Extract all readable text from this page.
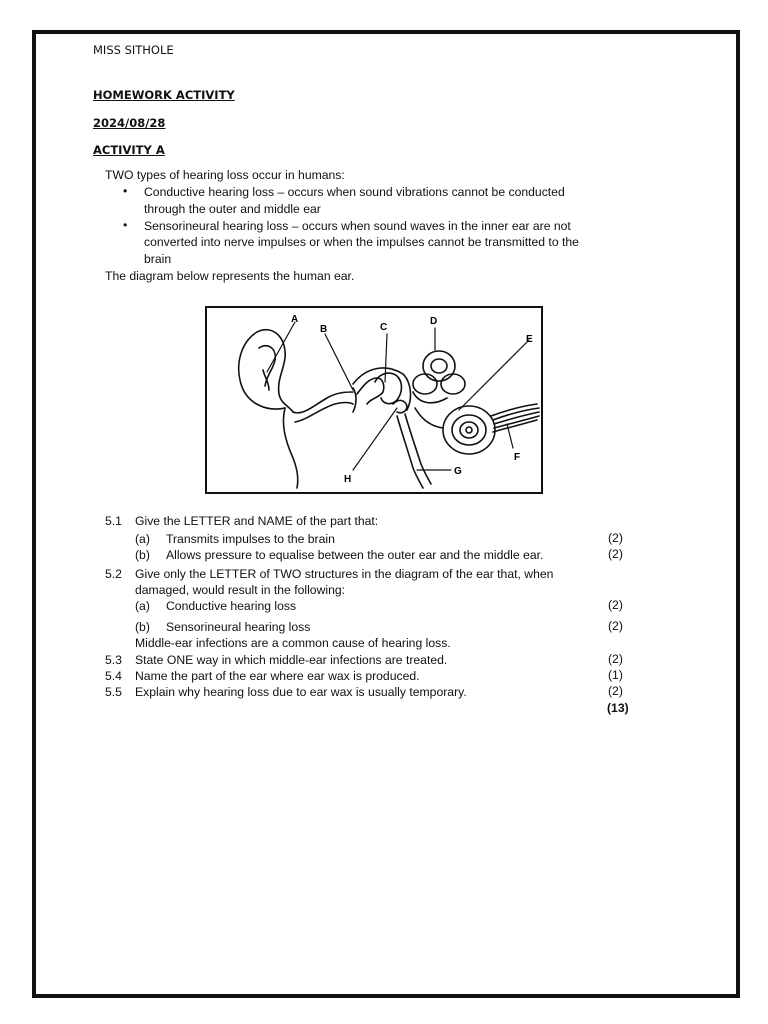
MISS SITHOLE
HOMEWORK ACTIVITY
2024/08/28
ACTIVITY A
TWO types of hearing loss occur in humans:
• Conductive hearing loss – occurs when sound vibrations cannot be conducted
through the outer and middle ear
• Sensorineural hearing loss – occurs when sound waves in the inner ear are not
converted into nerve impulses or when the impulses cannot be transmitted to the
brain
The diagram below represents the human ear.
A
B	C
D
E
F
G
H
5.1 Give the LETTER and NAME of the part that:
(a) Transmits impulses to the brain	(2)
(b) Allows pressure to equalise between the outer ear and the middle ear.	(2)
5.2 Give only the LETTER of TWO structures in the diagram of the ear that, when
damaged, would result in the following:
(a) Conductive hearing loss	(2)
(b) Sensorineural hearing loss	(2)
Middle-ear infections are a common cause of hearing loss.
5.3 State ONE way in which middle-ear infections are treated.	(2)
5.4 Name the part of the ear where ear wax is produced.	(1)
5.5 Explain why hearing loss due to ear wax is usually temporary.	(2)
(13)
